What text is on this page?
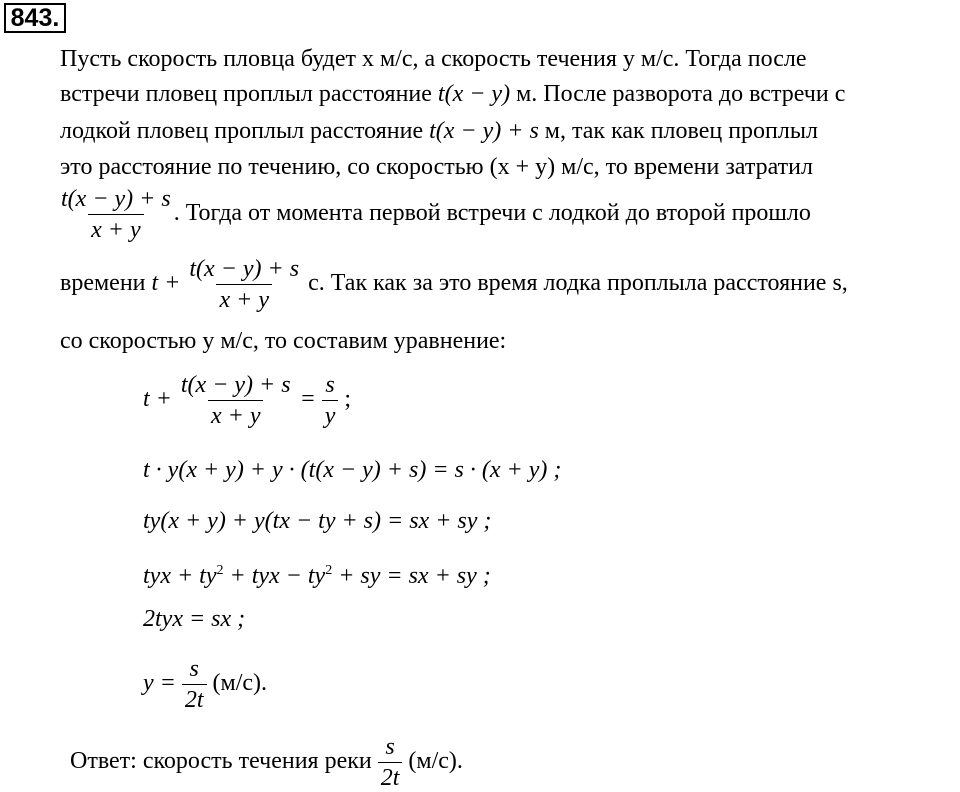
843.
Пусть скорость пловца будет x м/с, а скорость течения y м/с. Тогда после
встречи пловец проплыл расстояние t(x − y) м. После разворота до встречи с
лодкой пловец проплыл расстояние t(x − y) + s м, так как пловец проплыл
это расстояние по течению, со скоростью (x + y) м/с, то времени затратил
$\frac{t(x - y) + s}{x + y}$ . Тогда от момента первой встречи с лодкой до второй прошло
времени $t + \frac{t(x - y) + s}{x + y} с$. Так как за это время лодка проплыла расстояние s,
со скоростью y м/с, то составим уравнение:
$t + \frac{t(x - y) + s}{x + y} = \frac{s}{y}$ ;
t · y(x + y) + y · (t(x − y) + s) = s · (x + y) ;
ty(x + y) + y(tx − ty + s) = sx + sy ;
tyx + $ty^2$ + tyx − $ty^2$ + sy = sx + sy ;
2tyx = sx ;
$y = \frac{s}{2t} (м/с)$.
Ответ: скорость течения реки $\frac{s}{2t} (м/с)$.
